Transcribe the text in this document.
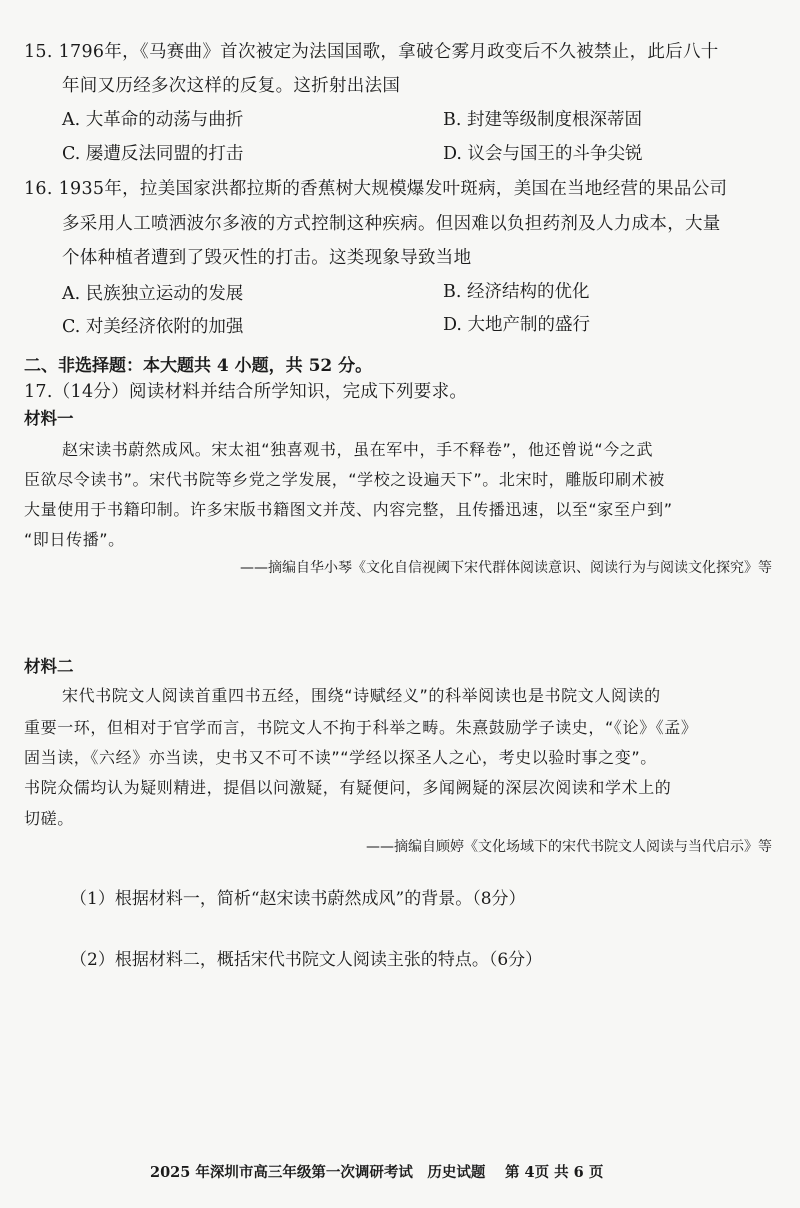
15. 1796年，《马赛曲》首次被定为法国国歌，拿破仑雾月政变后不久被禁止，此后八十
年间又历经多次这样的反复。这折射出法国
A. 大革命的动荡与曲折	B. 封建等级制度根深蒂固
C. 屡遭反法同盟的打击	D. 议会与国王的斗争尖锐
16. 1935年，拉美国家洪都拉斯的香蕉树大规模爆发叶斑病，美国在当地经营的果品公司
多采用人工喷洒波尔多液的方式控制这种疾病。但因难以负担药剂及人力成本，大量
个体种植者遭到了毁灭性的打击。这类现象导致当地
A. 民族独立运动的发展	B. 经济结构的优化
C. 对美经济依附的加强	D. 大地产制的盛行
二、非选择题：本大题共 4 小题，共 52 分。
17.（14分）阅读材料并结合所学知识，完成下列要求。
材料一
赵宋读书蔚然成风。宋太祖“独喜观书，虽在军中，手不释卷”，他还曾说“今之武
臣欲尽令读书”。宋代书院等乡党之学发展，“学校之设遍天下”。北宋时，雕版印刷术被
大量使用于书籍印制。许多宋版书籍图文并茂、内容完整，且传播迅速，以至“家至户到”
“即日传播”。
——摘编自华小琴《文化自信视阈下宋代群体阅读意识、阅读行为与阅读文化探究》等
材料二
宋代书院文人阅读首重四书五经，围绕“诗赋经义”的科举阅读也是书院文人阅读的
重要一环，但相对于官学而言，书院文人不拘于科举之畴。朱熹鼓励学子读史，“《论》《孟》
固当读，《六经》亦当读，史书又不可不读”“学经以探圣人之心，考史以验时事之变”。
书院众儒均认为疑则精进，提倡以问激疑，有疑便问，多闻阙疑的深层次阅读和学术上的
切磋。
——摘编自顾婷《文化场域下的宋代书院文人阅读与当代启示》等
（1）根据材料一，简析“赵宋读书蔚然成风”的背景。（8分）
（2）根据材料二，概括宋代书院文人阅读主张的特点。（6分）
2025 年深圳市高三年级第一次调研考试　历史试题　 第 4页 共 6 页
